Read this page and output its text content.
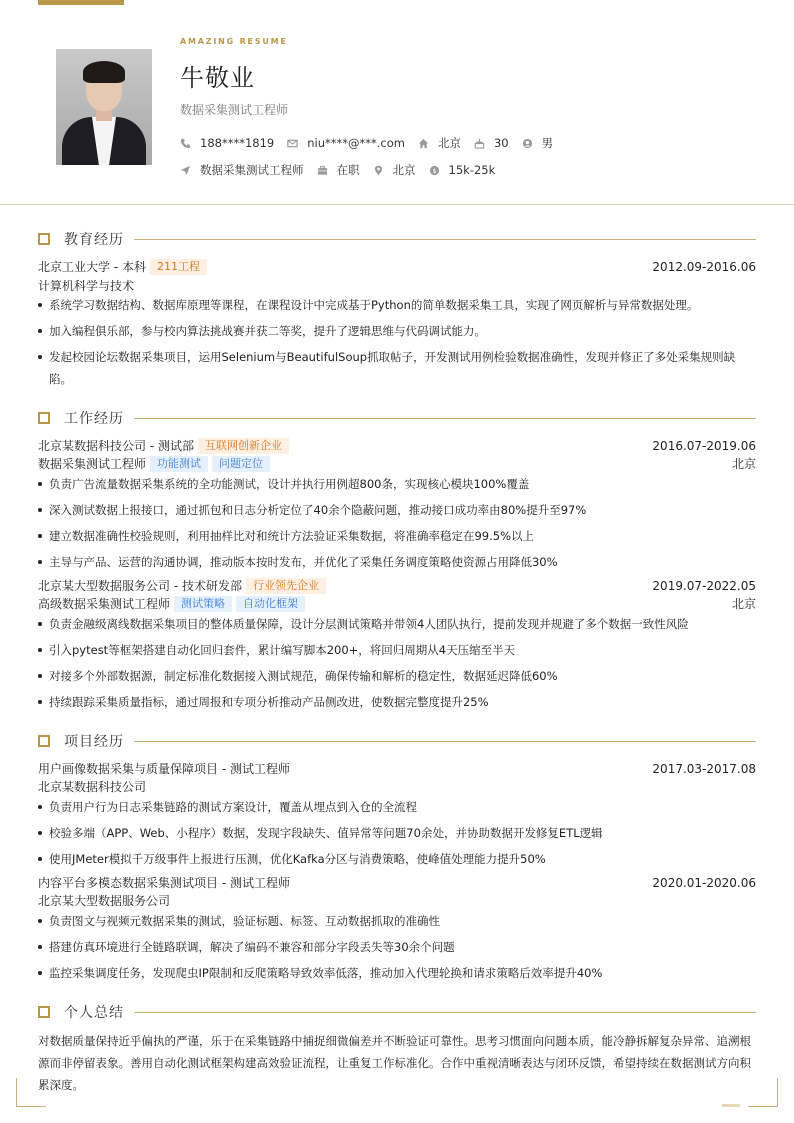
AMAZING RESUME
牛敬业
数据采集测试工程师
188****1819	niu****@***.com	北京	30	男
数据采集测试工程师	在职	北京 $ 15k-25k
教育经历
北京工业大学 - 本科	211工程	2012.09-2016.06
计算机科学与技术
系统学习数据结构、数据库原理等课程，在课程设计中完成基于Python的简单数据采集工具，实现了网页解析与异常数据处理。
加入编程俱乐部，参与校内算法挑战赛并获二等奖，提升了逻辑思维与代码调试能力。
发起校园论坛数据采集项目，运用Selenium与BeautifulSoup抓取帖子，开发测试用例检验数据准确性，发现并修正了多处采集规则缺陷。
工作经历
北京某数据科技公司 - 测试部	互联网创新企业	2016.07-2019.06
数据采集测试工程师	功能测试	问题定位	北京
负责广告流量数据采集系统的全功能测试，设计并执行用例超800条，实现核心模块100%覆盖
深入测试数据上报接口，通过抓包和日志分析定位了40余个隐蔽问题，推动接口成功率由80%提升至97%
建立数据准确性校验规则，利用抽样比对和统计方法验证采集数据，将准确率稳定在99.5%以上
主导与产品、运营的沟通协调，推动版本按时发布，并优化了采集任务调度策略使资源占用降低30%
北京某大型数据服务公司 - 技术研发部	行业领先企业	2019.07-2022.05
高级数据采集测试工程师	测试策略	自动化框架	北京
负责金融级离线数据采集项目的整体质量保障，设计分层测试策略并带领4人团队执行，提前发现并规避了多个数据一致性风险
引入pytest等框架搭建自动化回归套件，累计编写脚本200+，将回归周期从4天压缩至半天
对接多个外部数据源，制定标准化数据接入测试规范，确保传输和解析的稳定性，数据延迟降低60%
持续跟踪采集质量指标，通过周报和专项分析推动产品侧改进，使数据完整度提升25%
项目经历
用户画像数据采集与质量保障项目 - 测试工程师	2017.03-2017.08
北京某数据科技公司
负责用户行为日志采集链路的测试方案设计，覆盖从埋点到入仓的全流程
校验多端（APP、Web、小程序）数据，发现字段缺失、值异常等问题70余处，并协助数据开发修复ETL逻辑
使用JMeter模拟千万级事件上报进行压测，优化Kafka分区与消费策略，使峰值处理能力提升50%
内容平台多模态数据采集测试项目 - 测试工程师	2020.01-2020.06
北京某大型数据服务公司
负责图文与视频元数据采集的测试，验证标题、标签、互动数据抓取的准确性
搭建仿真环境进行全链路联调，解决了编码不兼容和部分字段丢失等30余个问题
监控采集调度任务，发现爬虫IP限制和反爬策略导致效率低落，推动加入代理轮换和请求策略后效率提升40%
个人总结
对数据质量保持近乎偏执的严谨，乐于在采集链路中捕捉细微偏差并不断验证可靠性。思考习惯面向问题本质，能冷静拆解复杂异常、追溯根源而非停留表象。善用自动化测试框架构建高效验证流程，让重复工作标准化。合作中重视清晰表达与闭环反馈，希望持续在数据测试方向积累深度。
